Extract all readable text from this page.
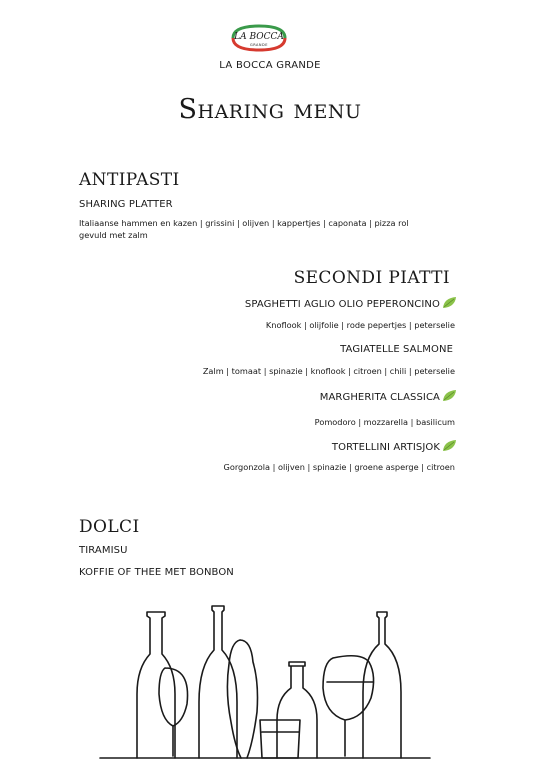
LA BOCCA
GRANDE
LA BOCCA GRANDE
Sharing menu
ANTIPASTI
SHARING PLATTER
Italiaanse hammen en kazen | grissini | olijven | kappertjes | caponata | pizza rol
gevuld met zalm
SECONDI PIATTI
SPAGHETTI AGLIO OLIO PEPERONCINO
Knoflook | olijfolie | rode pepertjes | peterselie
TAGIATELLE SALMONE
Zalm | tomaat | spinazie | knoflook | citroen | chili | peterselie
MARGHERITA CLASSICA
Pomodoro | mozzarella | basilicum
TORTELLINI ARTISJOK
Gorgonzola | olijven | spinazie | groene asperge | citroen
DOLCI
TIRAMISU
KOFFIE OF THEE MET BONBON
